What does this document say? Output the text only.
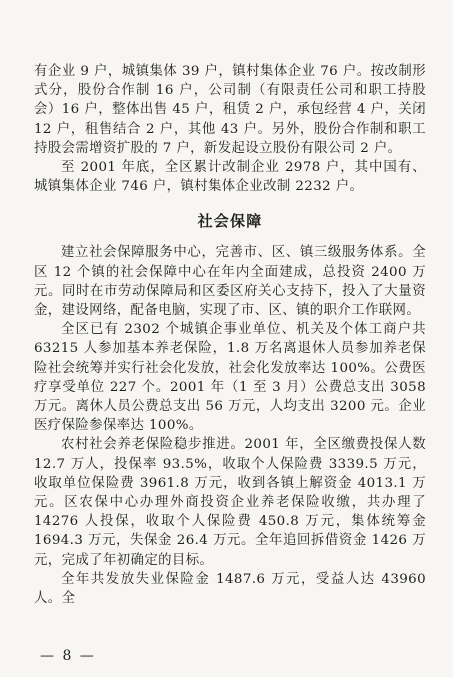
有企业 9 户，城镇集体 39 户，镇村集体企业 76 户。按改制形式分，股份合作制 16 户，公司制（有限责任公司和职工持股会）16 户，整体出售 45 户，租赁 2 户，承包经营 4 户，关闭 12 户，租售结合 2 户，其他 43 户。另外，股份合作制和职工持股会需增资扩股的 7 户，新发起设立股份有限公司 2 户。

至 2001 年底，全区累计改制企业 2978 户，其中国有、城镇集体企业 746 户，镇村集体企业改制 2232 户。

社会保障

建立社会保障服务中心，完善市、区、镇三级服务体系。全区 12 个镇的社会保障中心在年内全面建成，总投资 2400 万元。同时在市劳动保障局和区委区府关心支持下，投入了大量资金，建设网络，配备电脑，实现了市、区、镇的职介工作联网。

全区已有 2302 个城镇企事业单位、机关及个体工商户共 63215 人参加基本养老保险，1.8 万名离退休人员参加养老保险社会统筹并实行社会化发放，社会化发放率达 100%。公费医疗享受单位 227 个。2001 年（1 至 3 月）公费总支出 3058 万元。离休人员公费总支出 56 万元，人均支出 3200 元。企业医疗保险参保率达 100%。

农村社会养老保险稳步推进。2001 年，全区缴费投保人数 12.7 万人，投保率 93.5%，收取个人保险费 3339.5 万元，收取单位保险费 3961.8 万元，收到各镇上解资金 4013.1 万元。区农保中心办理外商投资企业养老保险收缴，共办理了 14276 人投保，收取个人保险费 450.8 万元，集体统筹金 1694.3 万元，失保金 26.4 万元。全年追回拆借资金 1426 万元，完成了年初确定的目标。

全年共发放失业保险金 1487.6 万元，受益人达 43960 人。全

— 8 —
